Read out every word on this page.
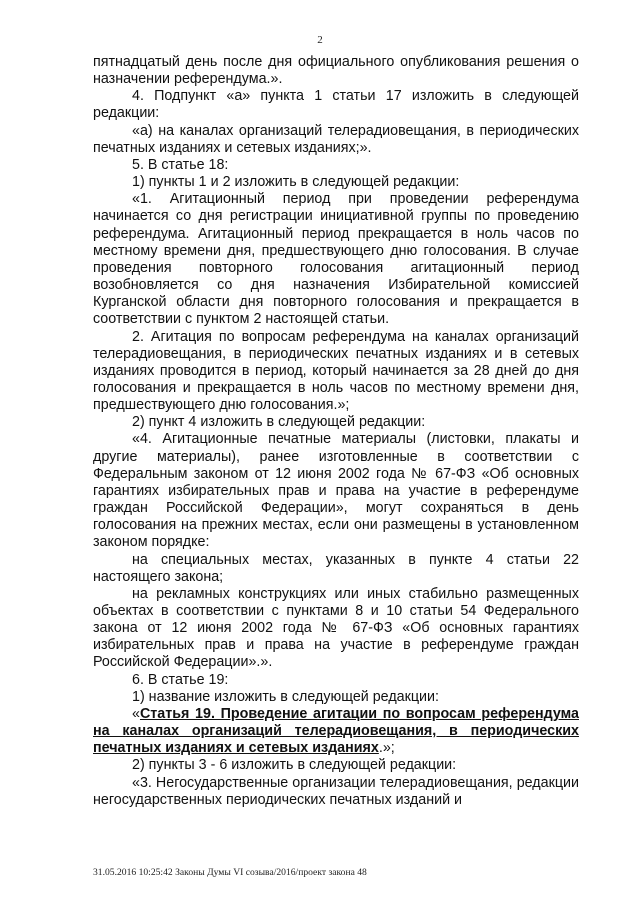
2

пятнадцатый день после дня официального опубликования решения о назначении референдума.».

4. Подпункт «а» пункта 1 статьи 17 изложить в следующей редакции:

«а) на каналах организаций телерадиовещания, в периодических печатных изданиях и сетевых изданиях;».

5. В статье 18:

1) пункты 1 и 2 изложить в следующей редакции:

«1. Агитационный период при проведении референдума начинается со дня регистрации инициативной группы по проведению референдума. Агитационный период прекращается в ноль часов по местному времени дня, предшествующего дню голосования. В случае проведения повторного голосования агитационный период возобновляется со дня назначения Избирательной комиссией Курганской области дня повторного голосования и прекращается в соответствии с пунктом 2 настоящей статьи.

2. Агитация по вопросам референдума на каналах организаций телерадиовещания, в периодических печатных изданиях и в сетевых изданиях проводится в период, который начинается за 28 дней до дня голосования и прекращается в ноль часов по местному времени дня, предшествующего дню голосования.»;

2) пункт 4 изложить в следующей редакции:

«4. Агитационные печатные материалы (листовки, плакаты и другие материалы), ранее изготовленные в соответствии с Федеральным законом от 12 июня 2002 года № 67-ФЗ «Об основных гарантиях избирательных прав и права на участие в референдуме граждан Российской Федерации», могут сохраняться в день голосования на прежних местах, если они размещены в установленном законом порядке:

на специальных местах, указанных в пункте 4 статьи 22 настоящего закона;

на рекламных конструкциях или иных стабильно размещенных объектах в соответствии с пунктами 8 и 10 статьи 54 Федерального закона от 12 июня 2002 года № 67-ФЗ «Об основных гарантиях избирательных прав и права на участие в референдуме граждан Российской Федерации».».

6. В статье 19:

1) название изложить в следующей редакции:

«Статья 19. Проведение агитации по вопросам референдума на каналах организаций телерадиовещания, в периодических печатных изданиях и сетевых изданиях.»;

2) пункты 3 - 6 изложить в следующей редакции:

«3. Негосударственные организации телерадиовещания, редакции негосударственных периодических печатных изданий и

31.05.2016 10:25:42 Законы Думы VI созыва/2016/проект закона 48
